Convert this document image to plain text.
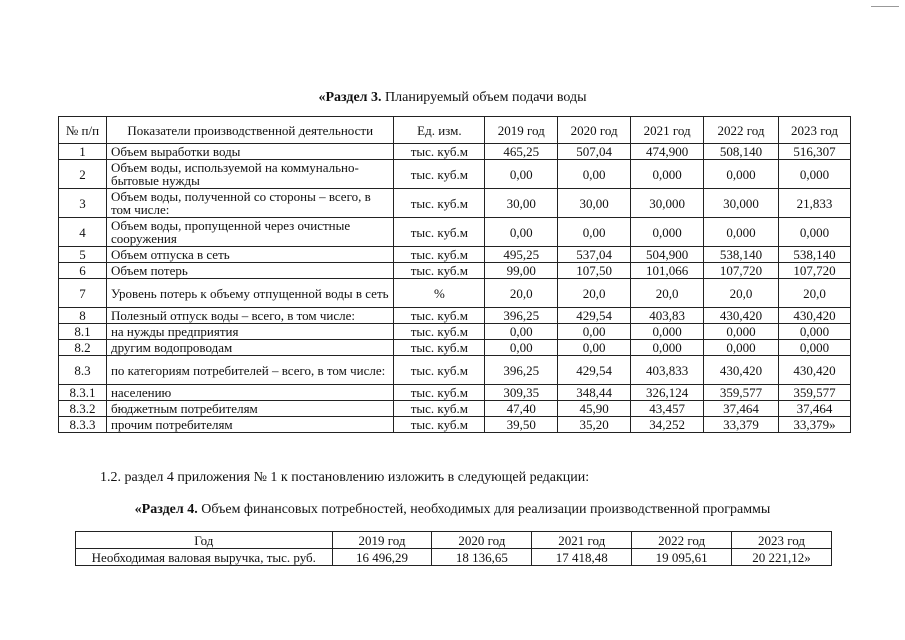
«Раздел 3. Планируемый объем подачи воды
№ п/п	Показатели производственной деятельности	Ед. изм.	2019 год	2020 год	2021 год	2022 год	2023 год
1	Объем выработки воды	тыс. куб.м	465,25	507,04	474,900	508,140	516,307
2	Объем воды, используемой на коммунально-бытовые нужды	тыс. куб.м	0,00	0,00	0,000	0,000	0,000
3	Объем воды, полученной со стороны – всего, в том числе:	тыс. куб.м	30,00	30,00	30,000	30,000	21,833
4	Объем воды, пропущенной через очистные сооружения	тыс. куб.м	0,00	0,00	0,000	0,000	0,000
5	Объем отпуска в сеть	тыс. куб.м	495,25	537,04	504,900	538,140	538,140
6	Объем потерь	тыс. куб.м	99,00	107,50	101,066	107,720	107,720
7	Уровень потерь к объему отпущенной воды в сеть	%	20,0	20,0	20,0	20,0	20,0
8	Полезный отпуск воды – всего, в том числе:	тыс. куб.м	396,25	429,54	403,83	430,420	430,420
8.1	на нужды предприятия	тыс. куб.м	0,00	0,00	0,000	0,000	0,000
8.2	другим водопроводам	тыс. куб.м	0,00	0,00	0,000	0,000	0,000
8.3	по категориям потребителей – всего, в том числе:	тыс. куб.м	396,25	429,54	403,833	430,420	430,420
8.3.1	населению	тыс. куб.м	309,35	348,44	326,124	359,577	359,577
8.3.2	бюджетным потребителям	тыс. куб.м	47,40	45,90	43,457	37,464	37,464
8.3.3	прочим потребителям	тыс. куб.м	39,50	35,20	34,252	33,379	33,379»
1.2. раздел 4 приложения № 1 к постановлению изложить в следующей редакции:
«Раздел 4. Объем финансовых потребностей, необходимых для реализации производственной программы
Год	2019 год	2020 год	2021 год	2022 год	2023 год
Необходимая валовая выручка, тыс. руб.	16 496,29	18 136,65	17 418,48	19 095,61	20 221,12»
